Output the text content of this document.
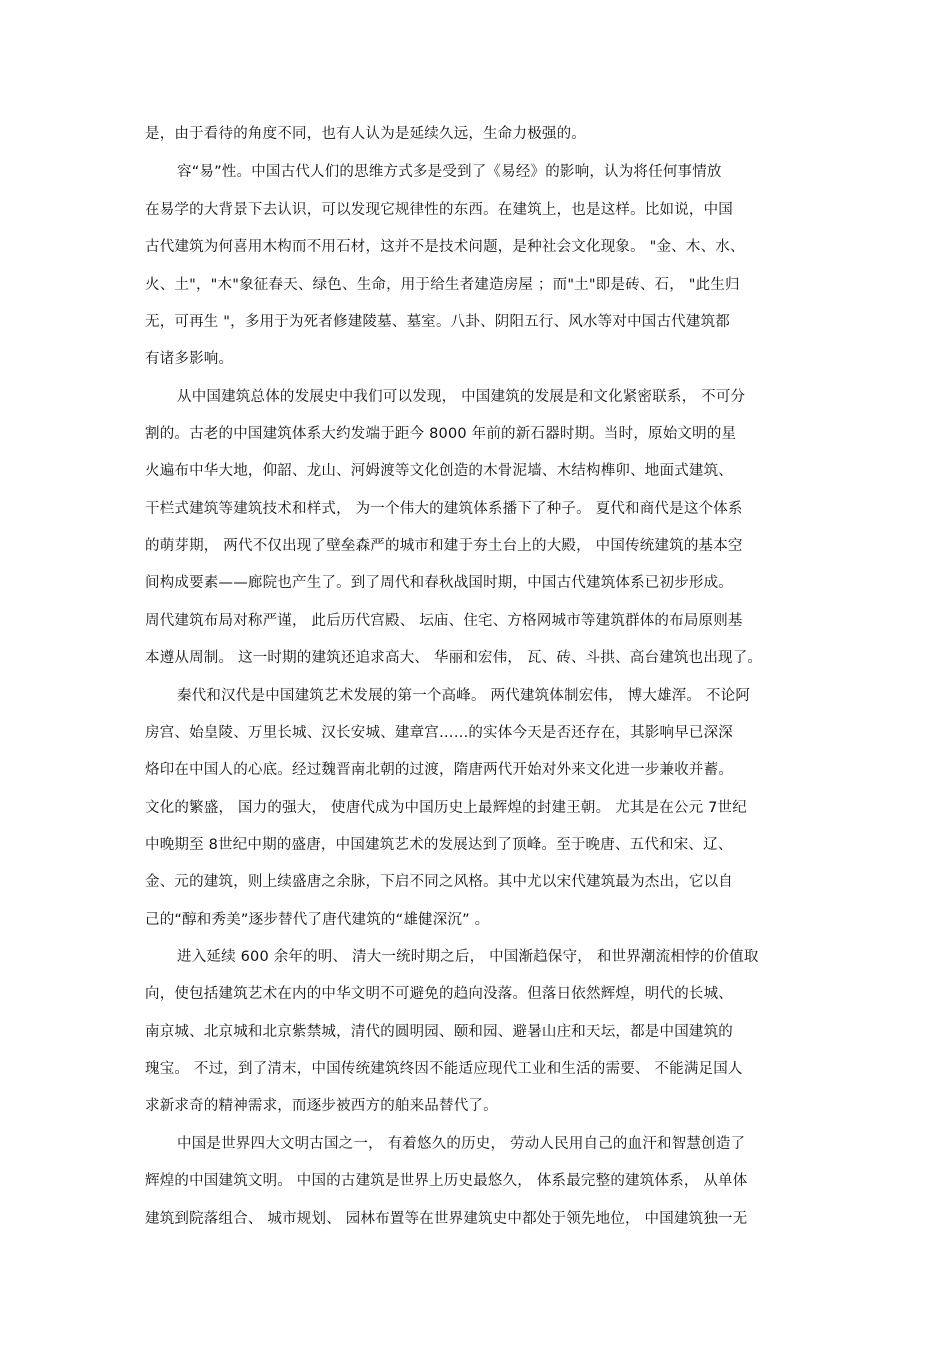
是，由于看待的角度不同，也有人认为是延续久远，生命力极强的。
容“易”性。中国古代人们的思维方式多是受到了《易经》的影响，认为将任何事情放
在易学的大背景下去认识，可以发现它规律性的东西。在建筑上，也是这样。比如说，中国
古代建筑为何喜用木构而不用石材，这并不是技术问题，是种社会文化现象。 "金、木、水、
火、土"，"木"象征春天、绿色、生命，用于给生者建造房屋 ；而"土"即是砖、石， "此生归
无，可再生 "，多用于为死者修建陵墓、墓室。八卦、阴阳五行、风水等对中国古代建筑都
有诸多影响。
从中国建筑总体的发展史中我们可以发现， 中国建筑的发展是和文化紧密联系， 不可分
割的。古老的中国建筑体系大约发端于距今 8000 年前的新石器时期。当时，原始文明的星
火遍布中华大地，仰韶、龙山、河姆渡等文化创造的木骨泥墙、木结构榫卯、地面式建筑、
干栏式建筑等建筑技术和样式， 为一个伟大的建筑体系播下了种子。 夏代和商代是这个体系
的萌芽期， 两代不仅出现了壁垒森严的城市和建于夯土台上的大殿， 中国传统建筑的基本空
间构成要素——廊院也产生了。到了周代和春秋战国时期，中国古代建筑体系已初步形成。
周代建筑布局对称严谨， 此后历代宫殿、 坛庙、住宅、方格网城市等建筑群体的布局原则基
本遵从周制。 这一时期的建筑还追求高大、 华丽和宏伟， 瓦、砖、斗拱、高台建筑也出现了。
秦代和汉代是中国建筑艺术发展的第一个高峰。 两代建筑体制宏伟， 博大雄浑。 不论阿
房宫、始皇陵、万里长城、汉长安城、建章宫……的实体今天是否还存在，其影响早已深深
烙印在中国人的心底。经过魏晋南北朝的过渡，隋唐两代开始对外来文化进一步兼收并蓄。
文化的繁盛， 国力的强大， 使唐代成为中国历史上最辉煌的封建王朝。 尤其是在公元 7世纪
中晚期至 8世纪中期的盛唐，中国建筑艺术的发展达到了顶峰。至于晚唐、五代和宋、辽、
金、元的建筑，则上续盛唐之余脉，下启不同之风格。其中尤以宋代建筑最为杰出，它以自
己的“醇和秀美”逐步替代了唐代建筑的“雄健深沉” 。
进入延续 600 余年的明、 清大一统时期之后， 中国渐趋保守， 和世界潮流相悖的价值取
向，使包括建筑艺术在内的中华文明不可避免的趋向没落。但落日依然辉煌，明代的长城、
南京城、北京城和北京紫禁城，清代的圆明园、颐和园、避暑山庄和天坛，都是中国建筑的
瑰宝。 不过，到了清末，中国传统建筑终因不能适应现代工业和生活的需要、 不能满足国人
求新求奇的精神需求，而逐步被西方的舶来品替代了。
中国是世界四大文明古国之一， 有着悠久的历史， 劳动人民用自己的血汗和智慧创造了
辉煌的中国建筑文明。 中国的古建筑是世界上历史最悠久， 体系最完整的建筑体系， 从单体
建筑到院落组合、 城市规划、 园林布置等在世界建筑史中都处于领先地位， 中国建筑独一无
